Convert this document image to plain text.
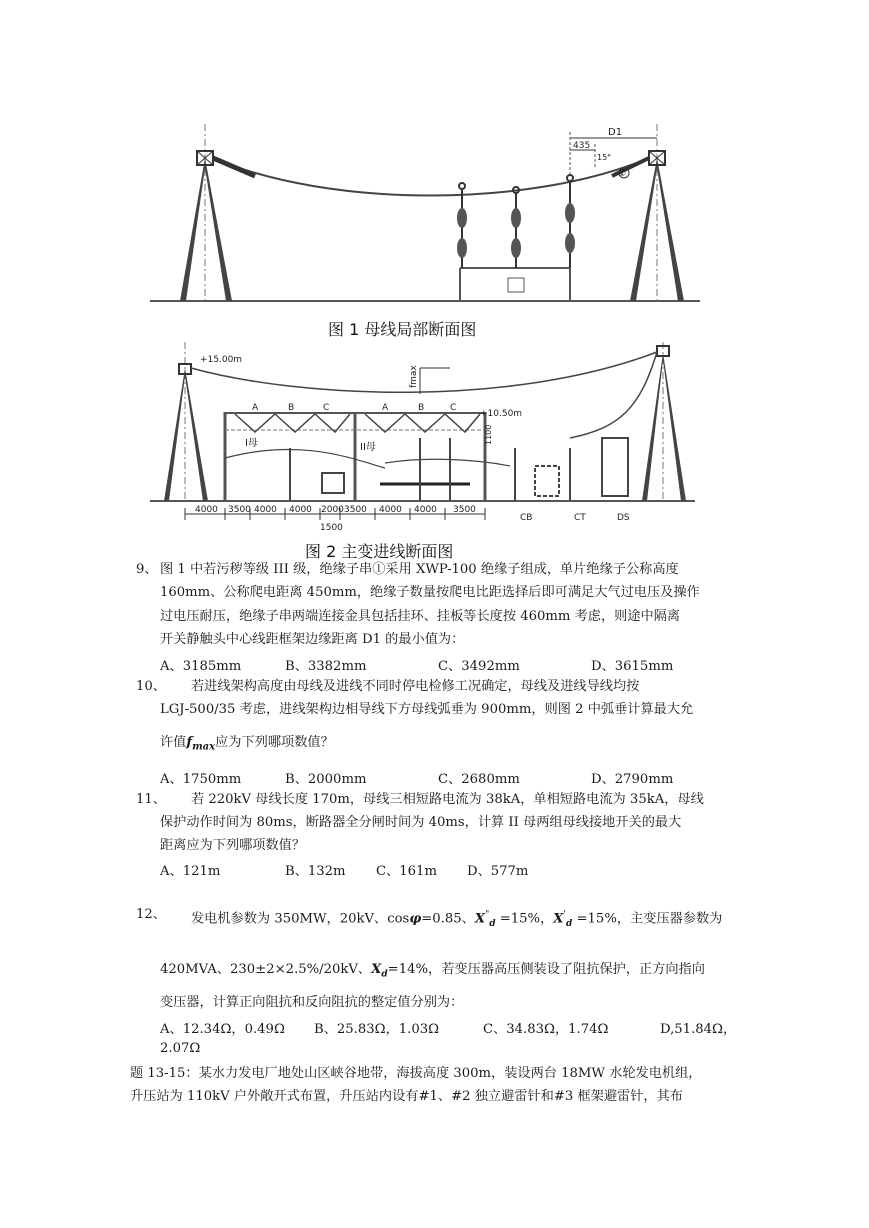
D1
435
15°
①
图 1 母线局部断面图
+15.00m
fmax
A	B	C	A	B	C
+10.50m
1100
I母	II母
4000 3500 4000 4000 2000 3500 4000 4000 3500
1500
CB	CT	DS
图 2 主变进线断面图
9、 图 1 中若污秽等级 III 级，绝缘子串①采用 XWP-100 绝缘子组成，单片绝缘子公称高度
160mm、公称爬电距离 450mm，绝缘子数量按爬电比距选择后即可满足大气过电压及操作
过电压耐压，绝缘子串两端连接金具包括挂环、挂板等长度按 460mm 考虑，则途中隔离
开关静触头中心线距框架边缘距离 D1 的最小值为：
A、3185mm	B、3382mm	C、3492mm	D、3615mm
10、 若进线架构高度由母线及进线不同时停电检修工况确定，母线及进线导线均按
LGJ-500/35 考虑，进线架构边相导线下方母线弧垂为 900mm，则图 2 中弧垂计算最大允
许值$f_{max}$应为下列哪项数值？
A、1750mm	B、2000mm	C、2680mm	D、2790mm
11、 若 220kV 母线长度 170m，母线三相短路电流为 38kA，单相短路电流为 35kA，母线
保护动作时间为 80ms，断路器全分闸时间为 40ms，计算 II 母两组母线接地开关的最大
距离应为下列哪项数值？
A、121m	B、132m C、161m D、577m
12、 发电机参数为 350MW，20kV、cosφ=0.85、$X^"_d =15\%$，$X'_d =15\%$，主变压器参数为
420MVA、230±2×2.5%/20kV、$X_d=14\%$，若变压器高压侧装设了阻抗保护，正方向指向
变压器，计算正向阻抗和反向阻抗的整定值分别为：
A、12.34Ω，0.49Ω B、25.83Ω，1.03Ω	C、34.83Ω，1.74Ω	D,51.84Ω，
2.07Ω
题 13-15：某水力发电厂地处山区峡谷地带，海拔高度 300m，装设两台 18MW 水轮发电机组，
升压站为 110kV 户外敞开式布置，升压站内设有#1、#2 独立避雷针和#3 框架避雷针，其布
